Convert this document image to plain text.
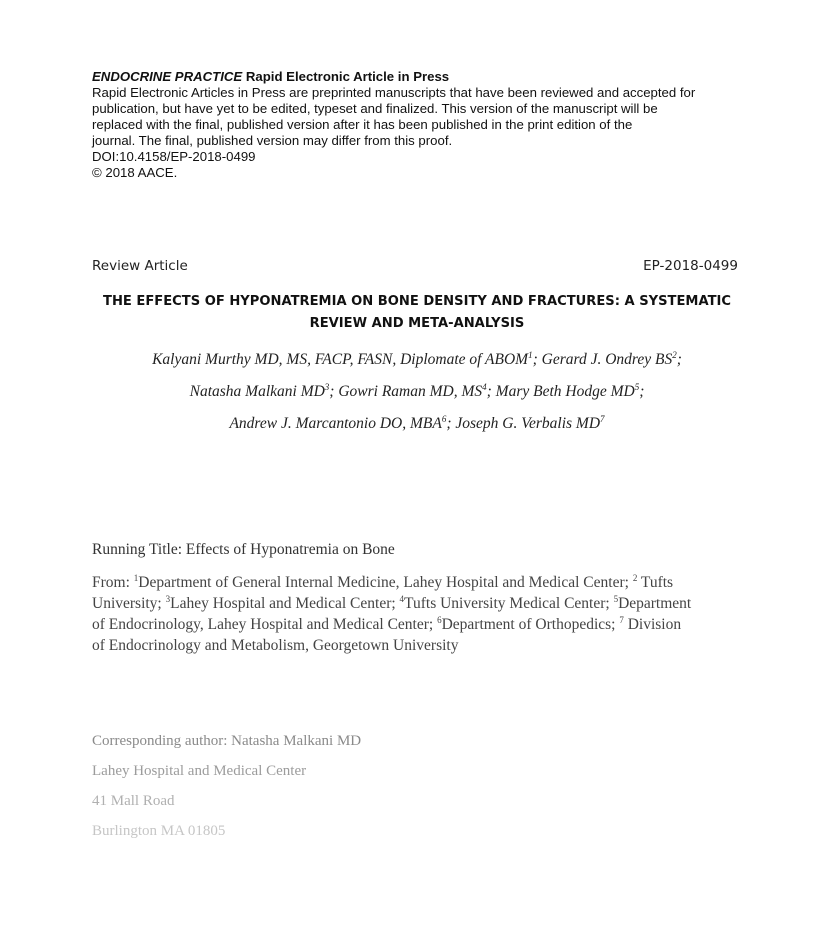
ENDOCRINE PRACTICE Rapid Electronic Article in Press
Rapid Electronic Articles in Press are preprinted manuscripts that have been reviewed and accepted for
publication, but have yet to be edited, typeset and finalized. This version of the manuscript will be
replaced with the final, published version after it has been published in the print edition of the
journal. The final, published version may differ from this proof.
DOI:10.4158/EP-2018-0499
© 2018 AACE.
Review Article	EP-2018-0499
THE EFFECTS OF HYPONATREMIA ON BONE DENSITY AND FRACTURES: A SYSTEMATIC REVIEW AND META-ANALYSIS
Kalyani Murthy MD, MS, FACP, FASN, Diplomate of ABOM$^1$; Gerard J. Ondrey $BS^2$;
Natasha Malkani $MD^3$; Gowri Raman MD, $MS^4$; Mary Beth Hodge $MD^5$;
Andrew J. Marcantonio DO, MBA$^6$; Joseph G. Verbalis $MD^7$
Running Title: Effects of Hyponatremia on Bone
From: $^1$Department of General Internal Medicine, Lahey Hospital and Medical Center; $^2$ Tufts
University; $^3$Lahey Hospital and Medical Center; $^4$Tufts University Medical Center; $^5$Department
of Endocrinology, Lahey Hospital and Medical Center; $^6$Department of Orthopedics; $^7$ Division
of Endocrinology and Metabolism, Georgetown University
Corresponding author: Natasha Malkani MD
Lahey Hospital and Medical Center
41 Mall Road
Burlington MA 01805
